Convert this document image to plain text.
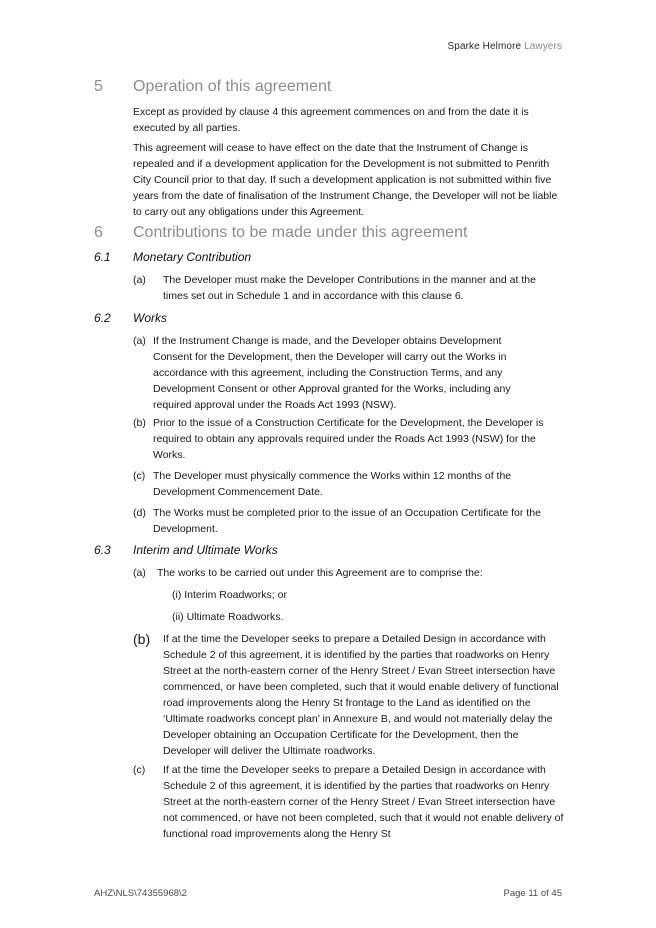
Sparke Helmore Lawyers
5 Operation of this agreement
Except as provided by clause 4 this agreement commences on and from the date it is executed by all parties.
This agreement will cease to have effect on the date that the Instrument of Change is repealed and if a development application for the Development is not submitted to Penrith City Council prior to that day. If such a development application is not submitted within five years from the date of finalisation of the Instrument Change, the Developer will not be liable to carry out any obligations under this Agreement.
6 Contributions to be made under this agreement
6.1 Monetary Contribution
(a) The Developer must make the Developer Contributions in the manner and at the times set out in Schedule 1 and in accordance with this clause 6.
6.2 Works
(a) If the Instrument Change is made, and the Developer obtains Development Consent for the Development, then the Developer will carry out the Works in accordance with this agreement, including the Construction Terms, and any Development Consent or other Approval granted for the Works, including any required approval under the Roads Act 1993 (NSW).
(b) Prior to the issue of a Construction Certificate for the Development, the Developer is required to obtain any approvals required under the Roads Act 1993 (NSW) for the Works.
(c) The Developer must physically commence the Works within 12 months of the Development Commencement Date.
(d) The Works must be completed prior to the issue of an Occupation Certificate for the Development.
6.3 Interim and Ultimate Works
(a) The works to be carried out under this Agreement are to comprise the:
(i) Interim Roadworks; or
(ii) Ultimate Roadworks.
(b) If at the time the Developer seeks to prepare a Detailed Design in accordance with Schedule 2 of this agreement, it is identified by the parties that roadworks on Henry Street at the north-eastern corner of the Henry Street / Evan Street intersection have commenced, or have been completed, such that it would enable delivery of functional road improvements along the Henry St frontage to the Land as identified on the ‘Ultimate roadworks concept plan’ in Annexure B, and would not materially delay the Developer obtaining an Occupation Certificate for the Development, then the Developer will deliver the Ultimate roadworks.
(c) If at the time the Developer seeks to prepare a Detailed Design in accordance with Schedule 2 of this agreement, it is identified by the parties that roadworks on Henry Street at the north-eastern corner of the Henry Street / Evan Street intersection have not commenced, or have not been completed, such that it would not enable delivery of functional road improvements along the Henry St
AHZ\NLS\74355968\2	Page 11 of 45
